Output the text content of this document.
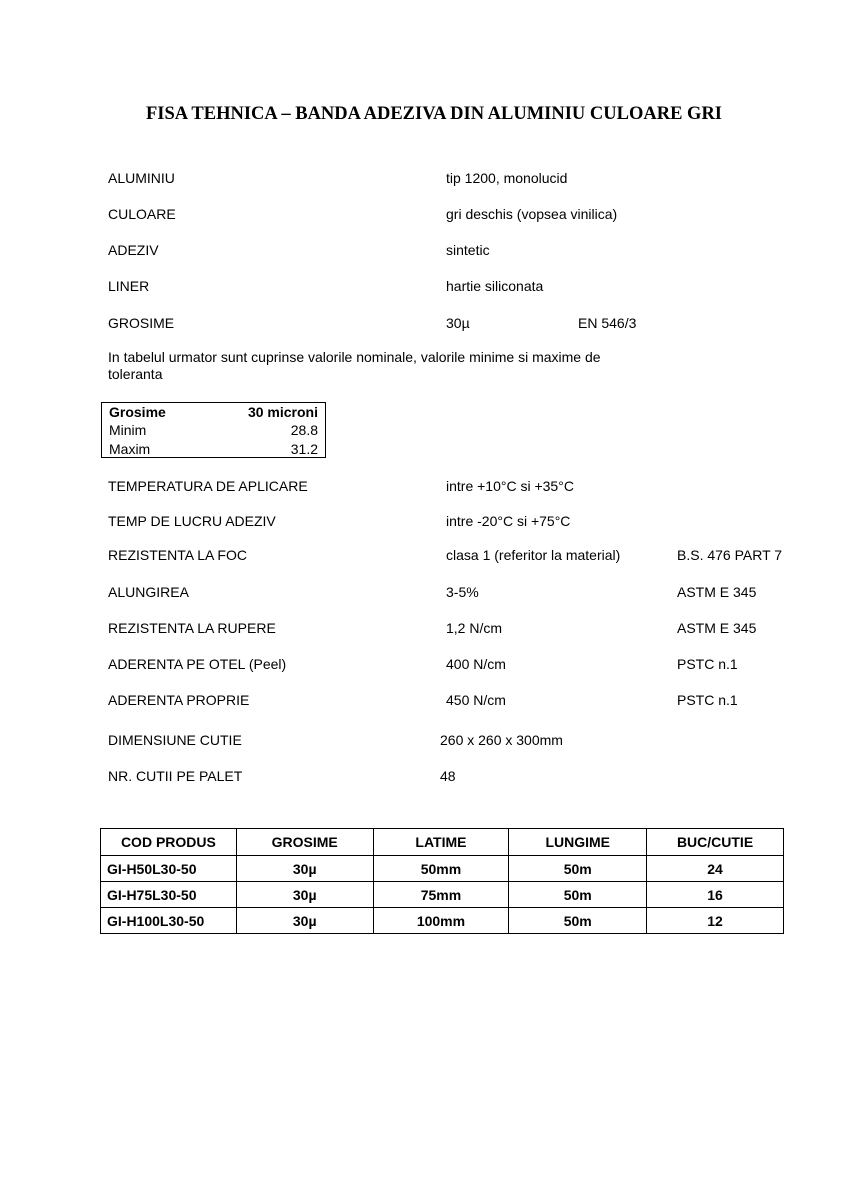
FISA TEHNICA – BANDA ADEZIVA DIN ALUMINIU CULOARE GRI
ALUMINIU	tip 1200, monolucid
CULOARE	gri deschis (vopsea vinilica)
ADEZIV	sintetic
LINER	hartie siliconata
GROSIME	30µ	EN 546/3

In tabelul urmator sunt cuprinse valorile nominale, valorile minime si maxime de toleranta

Grosime	30 microni
Minim	28.8
Maxim	31.2
TEMPERATURA DE APLICARE	intre +10°C si +35°C
TEMP DE LUCRU ADEZIV	intre -20°C si +75°C
REZISTENTA LA FOC	clasa 1 (referitor la material)	B.S. 476 PART 7
ALUNGIREA	3-5%	ASTM E 345
REZISTENTA LA RUPERE	1,2 N/cm	ASTM E 345
ADERENTA PE OTEL (Peel)	400 N/cm	PSTC n.1
ADERENTA PROPRIE	450 N/cm	PSTC n.1
DIMENSIUNE CUTIE	260 x 260 x 300mm
NR. CUTII PE PALET	48
COD PRODUS	GROSIME	LATIME	LUNGIME	BUC/CUTIE
GI-H50L30-50	30µ	50mm	50m	24
GI-H75L30-50	30µ	75mm	50m	16
GI-H100L30-50	30µ	100mm	50m	12
